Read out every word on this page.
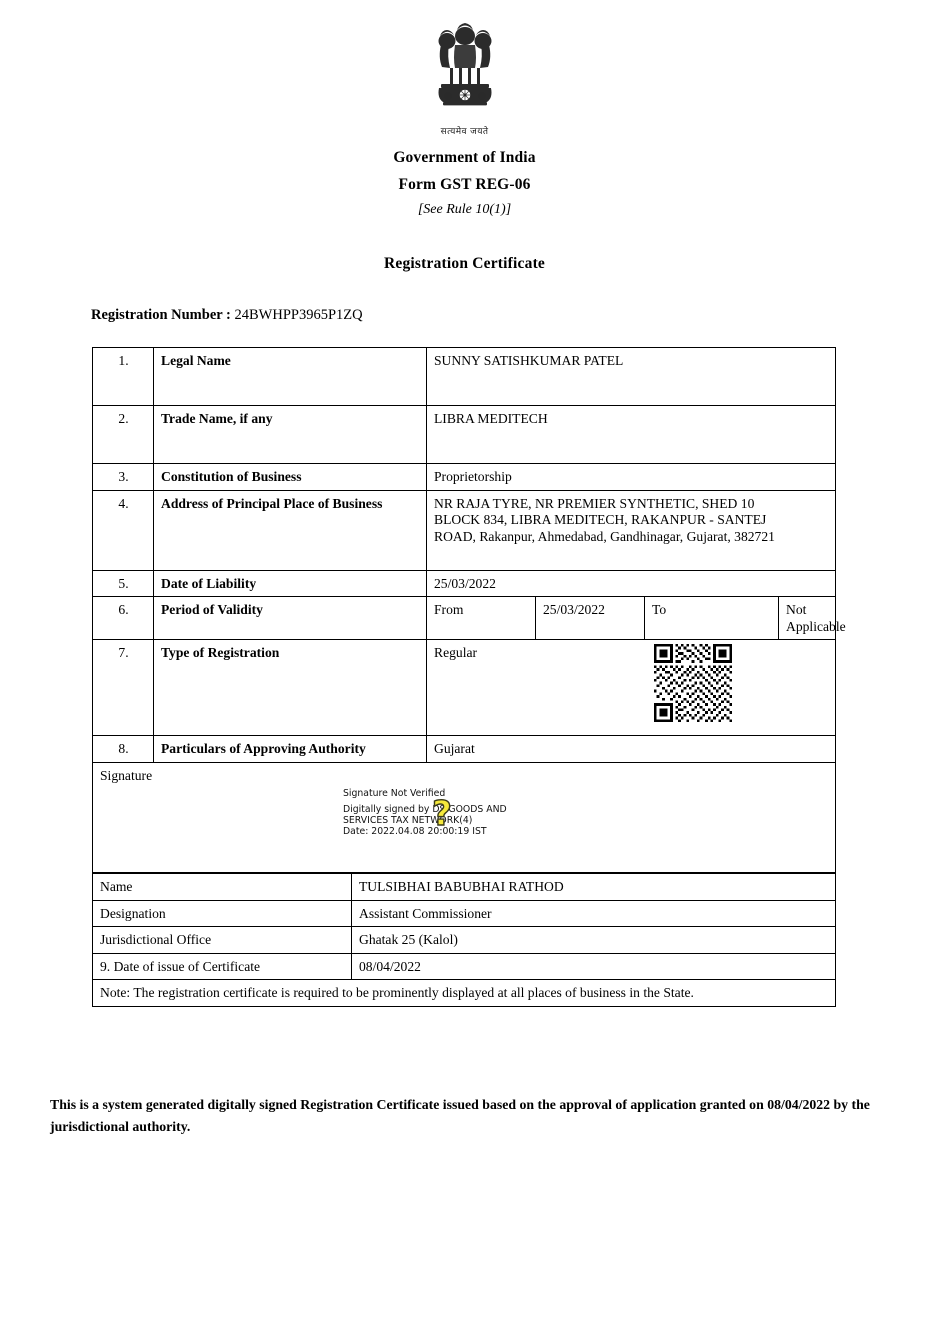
सत्यमेव जयते
Government of India
Form GST REG-06
[See Rule 10(1)]
Registration Certificate
Registration Number : 24BWHPP3965P1ZQ
1.	Legal Name	SUNNY SATISHKUMAR PATEL
2.	Trade Name, if any	LIBRA MEDITECH
3.	Constitution of Business	Proprietorship
4.	Address of Principal Place of Business	NR RAJA TYRE, NR PREMIER SYNTHETIC, SHED 10
BLOCK 834, LIBRA MEDITECH, RAKANPUR - SANTEJ
ROAD, Rakanpur, Ahmedabad, Gandhinagar, Gujarat, 382721

5.	Date of Liability	25/03/2022
6.	Period of Validity		From	25/03/2022	To	Not Applicable

7.	Type of Registration	Regular

8.	Particulars of Approving Authority	Gujarat
Signature
Signature Not Verified
Digitally signed by DS GOODS AND
SERVICES TAX NETWORK(4)
Date: 2022.04.08 20:00:19 IST
?
Name	TULSIBHAI BABUBHAI RATHOD
Designation	Assistant Commissioner
Jurisdictional Office	Ghatak 25 (Kalol)
9. Date of issue of Certificate	08/04/2022
Note: The registration certificate is required to be prominently displayed at all places of business in the State.	
This is a system generated digitally signed Registration Certificate issued based on the approval of application granted on 08/04/2022 by the jurisdictional authority.
